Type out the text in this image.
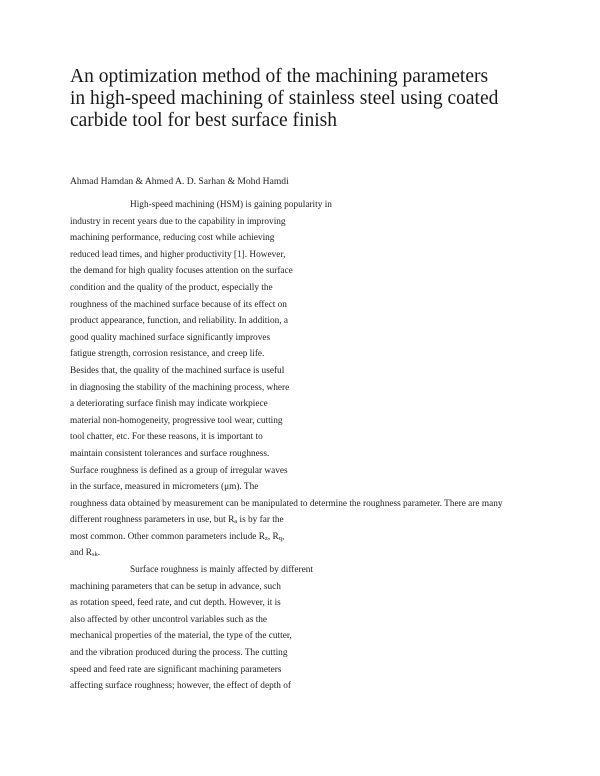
An optimization method of the machining parameters
in high-speed machining of stainless steel using coated
carbide tool for best surface finish
Ahmad Hamdan & Ahmed A. D. Sarhan & Mohd Hamdi
High-speed machining (HSM) is gaining popularity in
industry in recent years due to the capability in improving
machining performance, reducing cost while achieving
reduced lead times, and higher productivity [1]. However,
the demand for high quality focuses attention on the surface
condition and the quality of the product, especially the
roughness of the machined surface because of its effect on
product appearance, function, and reliability. In addition, a
good quality machined surface significantly improves
fatigue strength, corrosion resistance, and creep life.
Besides that, the quality of the machined surface is useful
in diagnosing the stability of the machining process, where
a deteriorating surface finish may indicate workpiece
material non-homogeneity, progressive tool wear, cutting
tool chatter, etc. For these reasons, it is important to
maintain consistent tolerances and surface roughness.
Surface roughness is defined as a group of irregular waves
in the surface, measured in micrometers (μm). The
roughness data obtained by measurement can be manipulated to determine the roughness parameter. There are many
different roughness parameters in use, but Ra is by far the
most common. Other common parameters include Rz, Rq,
and Rsk.
Surface roughness is mainly affected by different
machining parameters that can be setup in advance, such
as rotation speed, feed rate, and cut depth. However, it is
also affected by other uncontrol variables such as the
mechanical properties of the material, the type of the cutter,
and the vibration produced during the process. The cutting
speed and feed rate are significant machining parameters
affecting surface roughness; however, the effect of depth of
